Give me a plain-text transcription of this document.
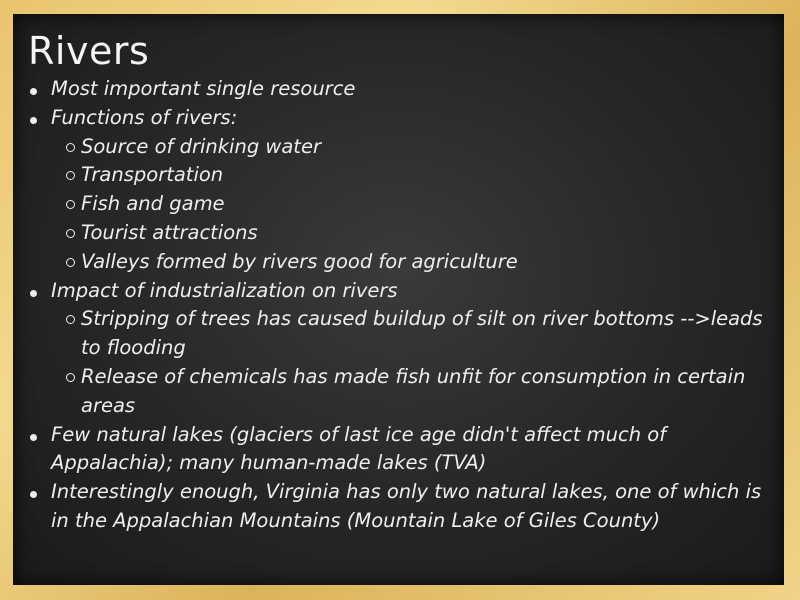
Rivers
Most important single resource
Functions of rivers:
Source of drinking water
Transportation
Fish and game
Tourist attractions
Valleys formed by rivers good for agriculture
Impact of industrialization on rivers
Stripping of trees has caused buildup of silt on river bottoms -->leads to flooding
Release of chemicals has made fish unfit for consumption in certain areas
Few natural lakes (glaciers of last ice age didn't affect much of Appalachia); many human-made lakes (TVA)
Interestingly enough, Virginia has only two natural lakes, one of which is in the Appalachian Mountains (Mountain Lake of Giles County)
